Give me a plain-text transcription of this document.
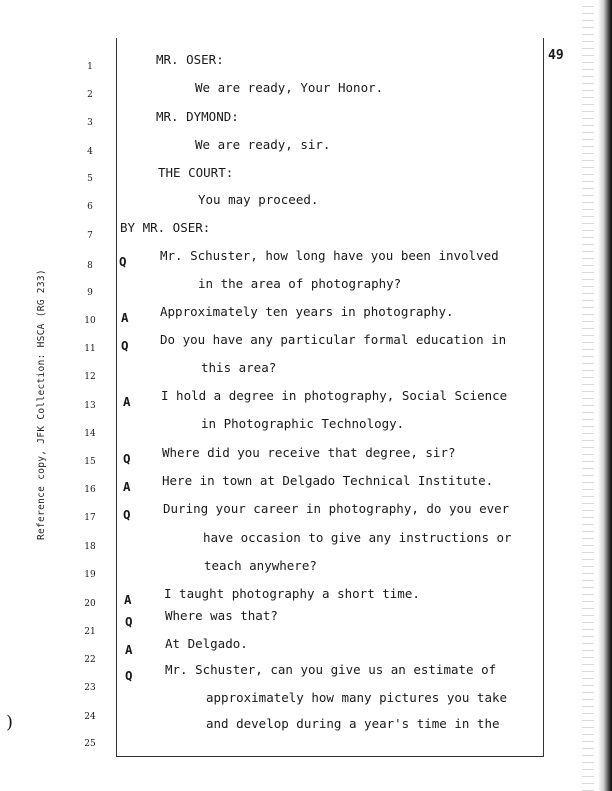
49
Reference copy, JFK Collection: HSCA (RG 233)
1	MR. OSER:
2	We are ready, Your Honor.
3	MR. DYMOND:
4	We are ready, sir.
5	THE COURT:
6	You may proceed.
7
BY MR. OSER:
8	Q	Mr. Schuster, how long have you been involved
9
in the area of photography?
10 A	Approximately ten years in photography.
11 Q	Do you have any particular formal education in
12
this area?
13 A I hold a degree in photography, Social Science
14
in Photographic Technology.
15 Q	Where did you receive that degree, sir?
16 A	Here in town at Delgado Technical Institute.
17 Q	During your career in photography, do you ever
18
have occasion to give any instructions or
19
teach anywhere?
20 A	I taught photography a short time.
21
Q	Where was that?
22
A	At Delgado.
23
Q	Mr. Schuster, can you give us an estimate of
24
approximately how many pictures you take
25
and develop during a year's time in the
)
